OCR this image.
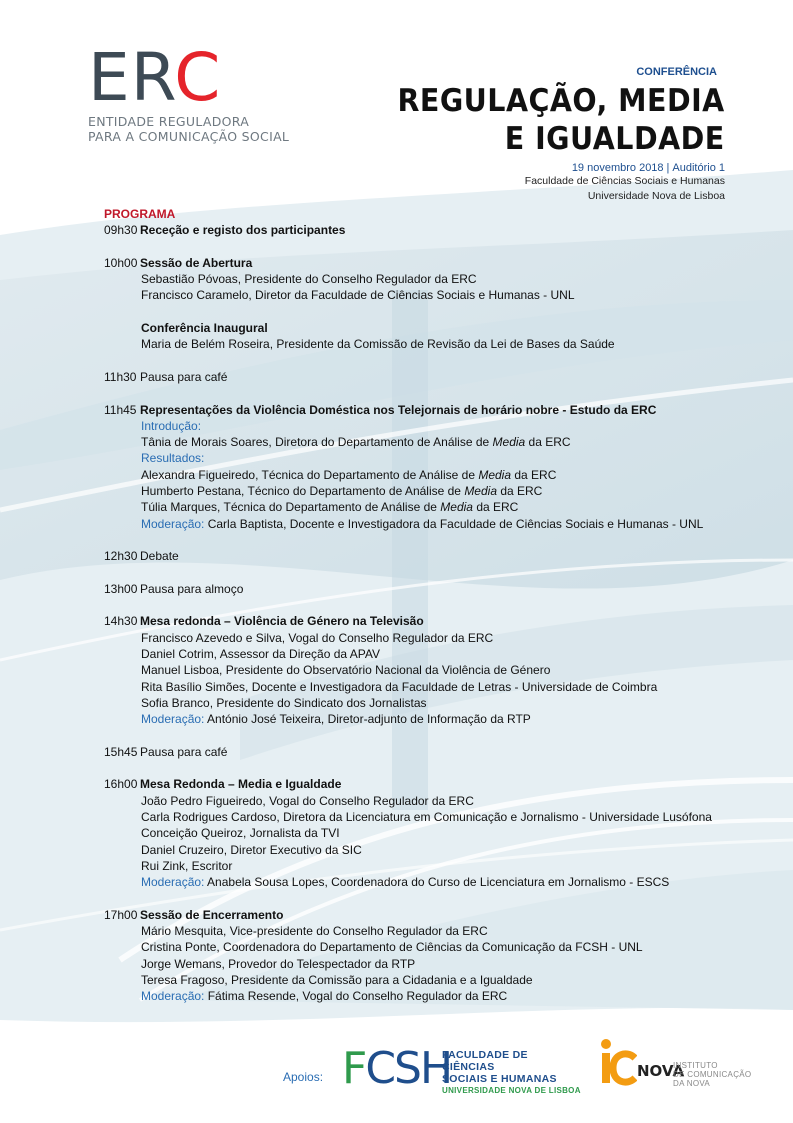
ERC
ENTIDADE REGULADORA
PARA A COMUNICAÇÃO SOCIAL
CONFERÊNCIA
REGULAÇÃO, MEDIA
E IGUALDADE
19 novembro 2018 | Auditório 1
Faculdade de Ciências Sociais e Humanas
Universidade Nova de Lisboa
PROGRAMA
09h30 Receção e registo dos participantes
10h00 Sessão de Abertura
Sebastião Póvoas, Presidente do Conselho Regulador da ERC
Francisco Caramelo, Diretor da Faculdade de Ciências Sociais e Humanas - UNL
Conferência Inaugural
Maria de Belém Roseira, Presidente da Comissão de Revisão da Lei de Bases da Saúde
11h30 Pausa para café
11h45 Representações da Violência Doméstica nos Telejornais de horário nobre - Estudo da ERC
Introdução:
Tânia de Morais Soares, Diretora do Departamento de Análise de Media da ERC
Resultados:
Alexandra Figueiredo, Técnica do Departamento de Análise de Media da ERC
Humberto Pestana, Técnico do Departamento de Análise de Media da ERC
Túlia Marques, Técnica do Departamento de Análise de Media da ERC
Moderação: Carla Baptista, Docente e Investigadora da Faculdade de Ciências Sociais e Humanas - UNL
12h30 Debate
13h00 Pausa para almoço
14h30 Mesa redonda – Violência de Género na Televisão
Francisco Azevedo e Silva, Vogal do Conselho Regulador da ERC
Daniel Cotrim, Assessor da Direção da APAV
Manuel Lisboa, Presidente do Observatório Nacional da Violência de Género
Rita Basílio Simões, Docente e Investigadora da Faculdade de Letras - Universidade de Coimbra
Sofia Branco, Presidente do Sindicato dos Jornalistas
Moderação: António José Teixeira, Diretor-adjunto de Informação da RTP
15h45 Pausa para café
16h00 Mesa Redonda – Media e Igualdade
João Pedro Figueiredo, Vogal do Conselho Regulador da ERC
Carla Rodrigues Cardoso, Diretora da Licenciatura em Comunicação e Jornalismo - Universidade Lusófona
Conceição Queiroz, Jornalista da TVI
Daniel Cruzeiro, Diretor Executivo da SIC
Rui Zink, Escritor
Moderação: Anabela Sousa Lopes, Coordenadora do Curso de Licenciatura em Jornalismo - ESCS
17h00 Sessão de Encerramento
Mário Mesquita, Vice-presidente do Conselho Regulador da ERC
Cristina Ponte, Coordenadora do Departamento de Ciências da Comunicação da FCSH - UNL
Jorge Wemans, Provedor do Telespectador da RTP
Teresa Fragoso, Presidente da Comissão para a Cidadania e a Igualdade
Moderação: Fátima Resende, Vogal do Conselho Regulador da ERC
Apoios: FCSH
FACULDADE DE CIÊNCIAS
SOCIAIS E HUMANAS
UNIVERSIDADE NOVA DE LISBOA
NOVA
INSTITUTO
DE COMUNICAÇÃO
DA NOVA
